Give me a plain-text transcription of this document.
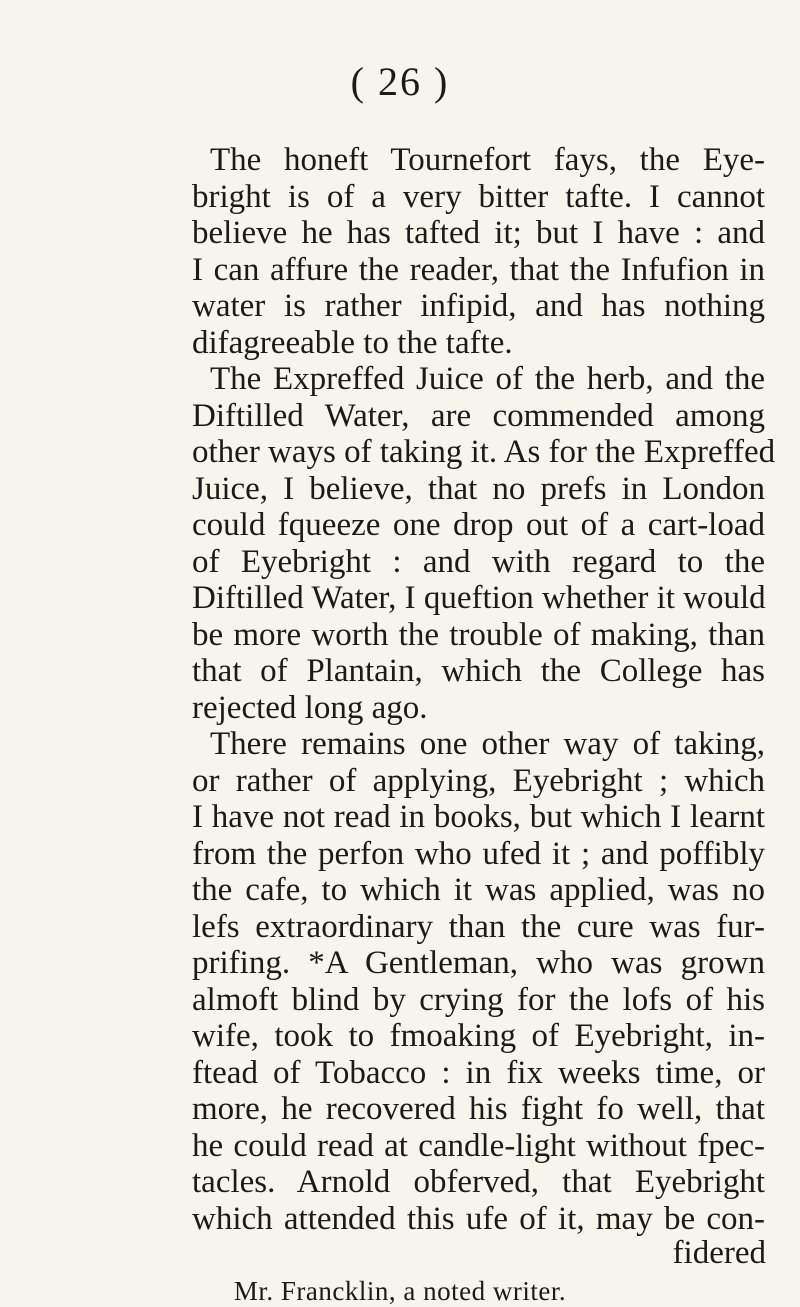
( 26 )
The honeft Tournefort fays, the Eye-
bright is of a very bitter tafte. I cannot
believe he has tafted it; but I have : and
I can affure the reader, that the Infufion in
water is rather infipid, and has nothing
difagreeable to the tafte.
The Expreffed Juice of the herb, and the
Diftilled Water, are commended among
other ways of taking it. As for the Expreffed
Juice, I believe, that no prefs in London
could fqueeze one drop out of a cart-load
of Eyebright : and with regard to the
Diftilled Water, I queftion whether it would
be more worth the trouble of making, than
that of Plantain, which the College has
rejected long ago.
There remains one other way of taking,
or rather of applying, Eyebright ; which
I have not read in books, but which I learnt
from the perfon who ufed it ; and poffibly
the cafe, to which it was applied, was no
lefs extraordinary than the cure was fur-
prifing. *A Gentleman, who was grown
almoft blind by crying for the lofs of his
wife, took to fmoaking of Eyebright, in-
ftead of Tobacco : in fix weeks time, or
more, he recovered his fight fo well, that
he could read at candle-light without fpec-
tacles. Arnold obferved, that Eyebright
fidered
Mr. Francklin, a noted writer.
which attended this ufe of it, may be con-
